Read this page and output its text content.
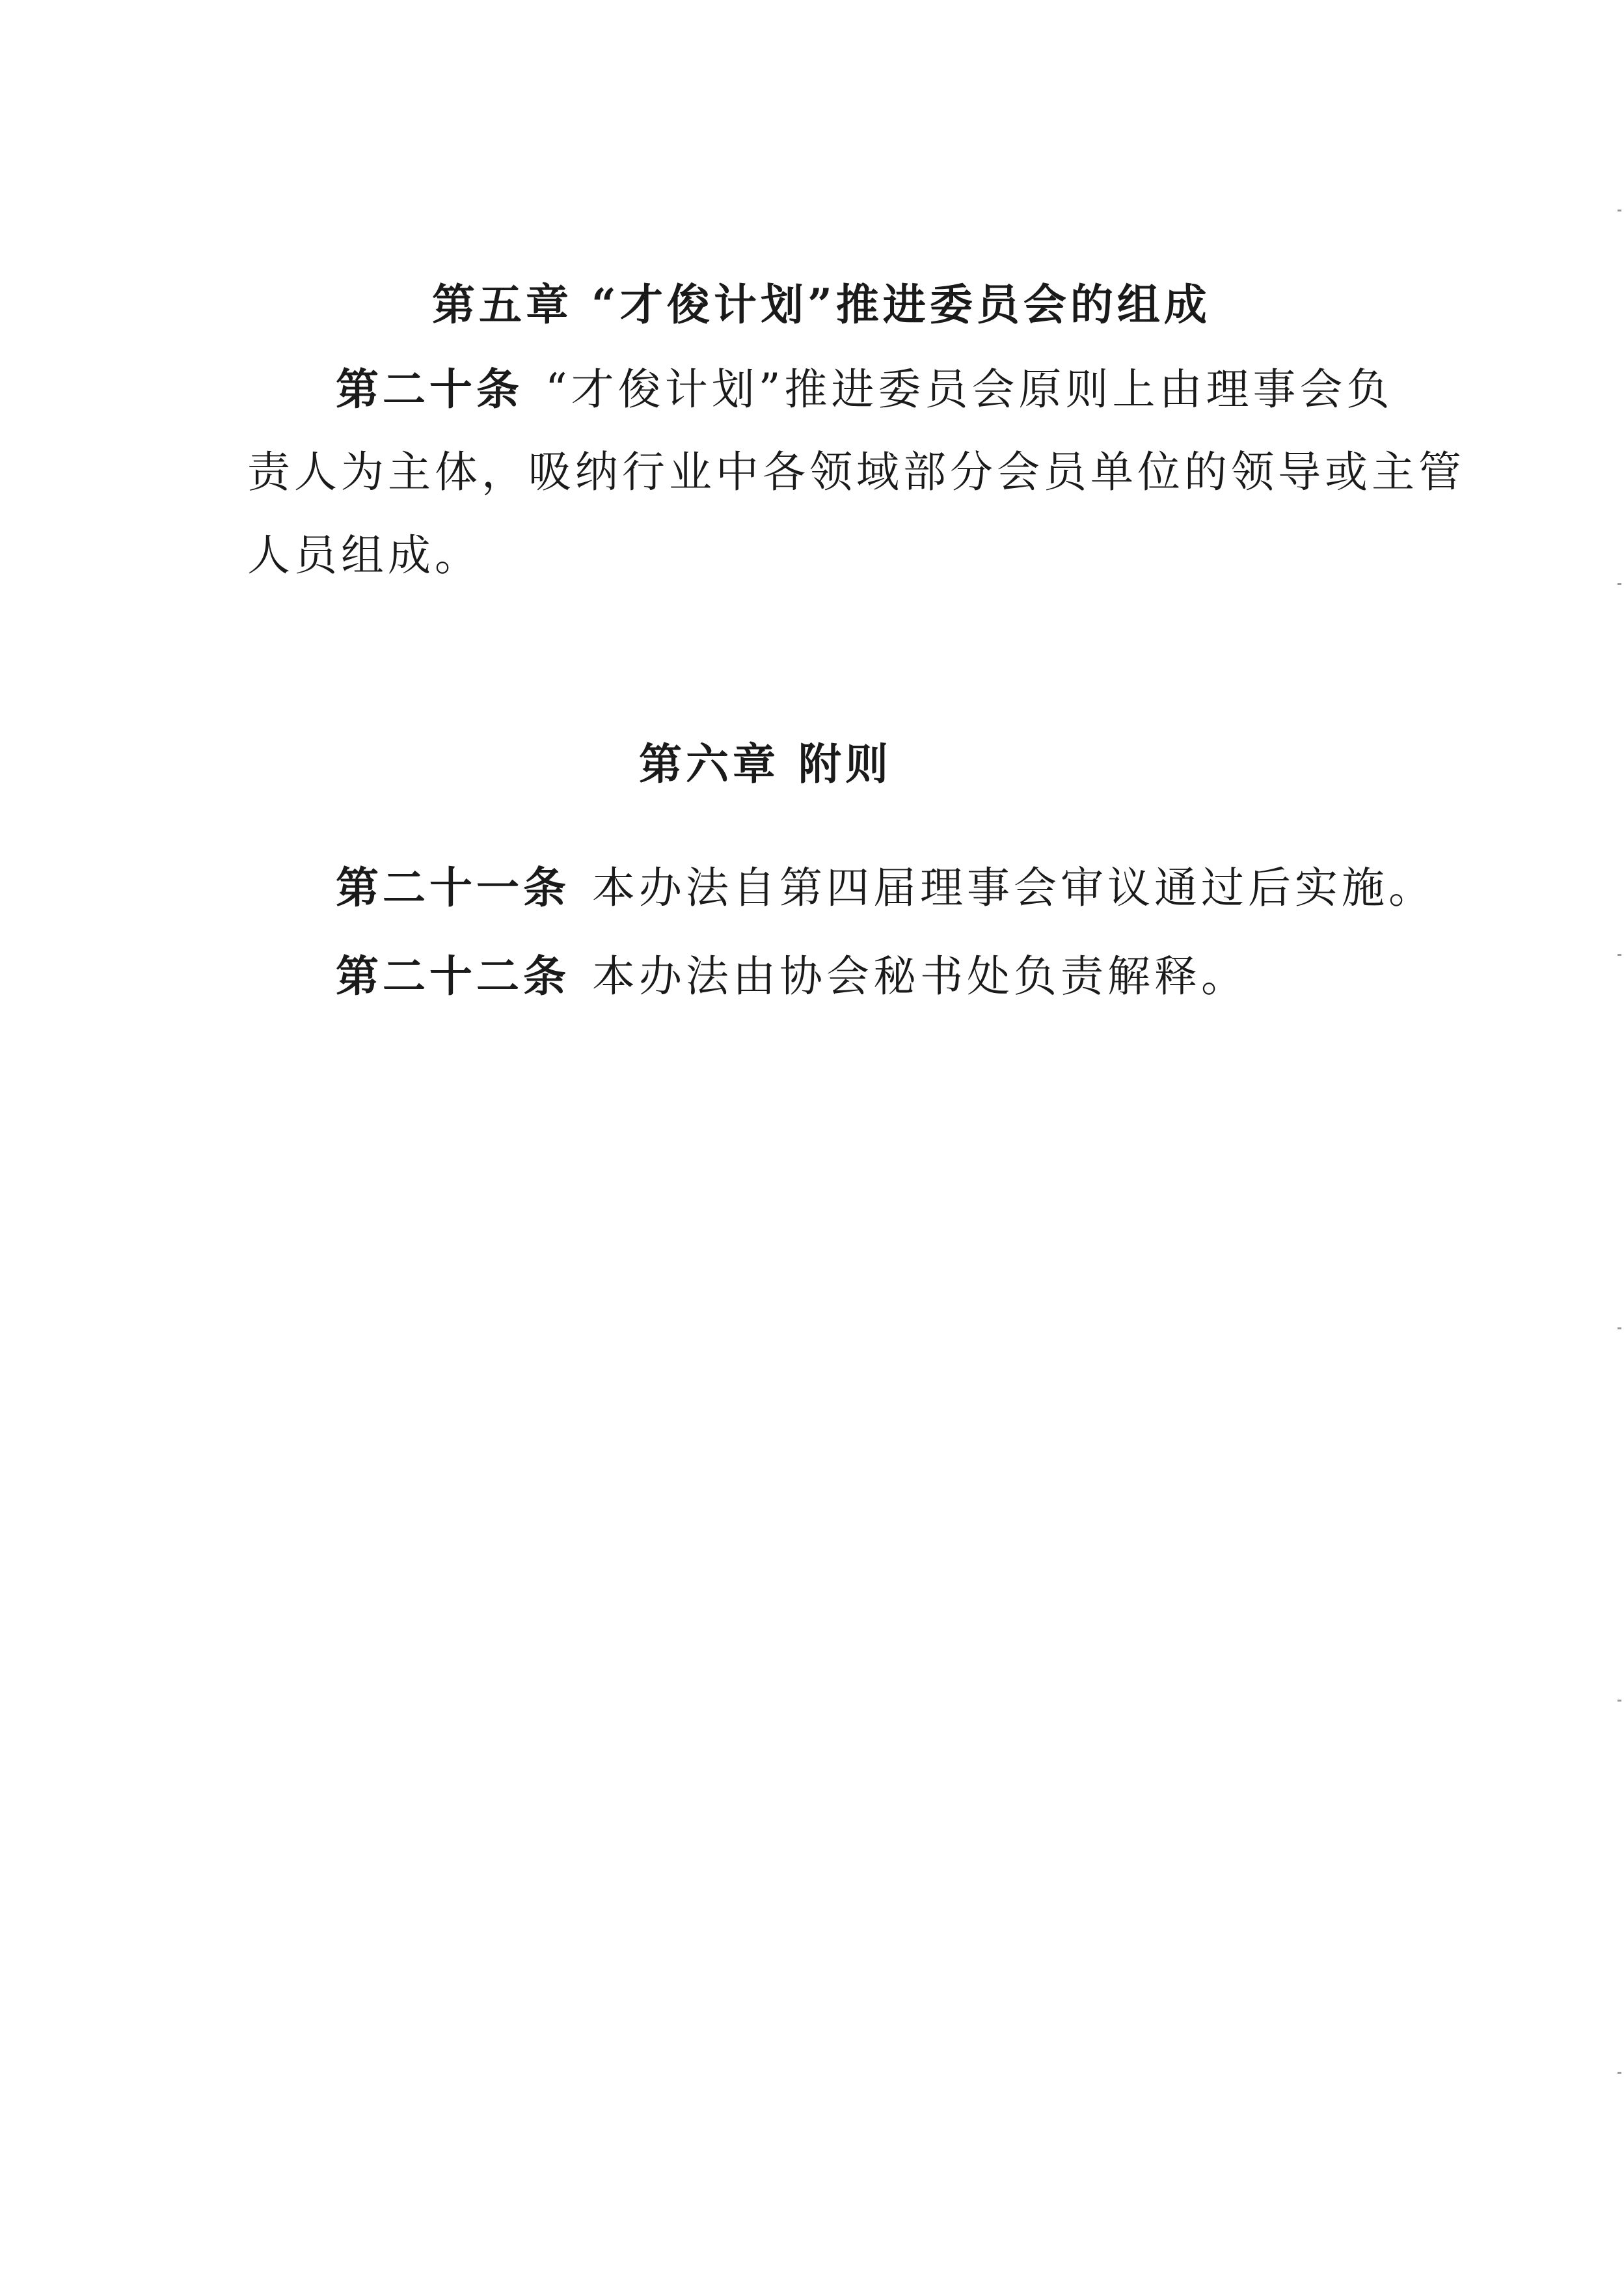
第五章 “才俊计划”推进委员会的组成
第二十条 “才俊计划”推进委员会原则上由理事会负
责人为主体，吸纳行业中各领域部分会员单位的领导或主管
人员组成。
第六章 附则
第二十一条 本办法自第四届理事会审议通过后实施。
第二十二条 本办法由协会秘书处负责解释。
